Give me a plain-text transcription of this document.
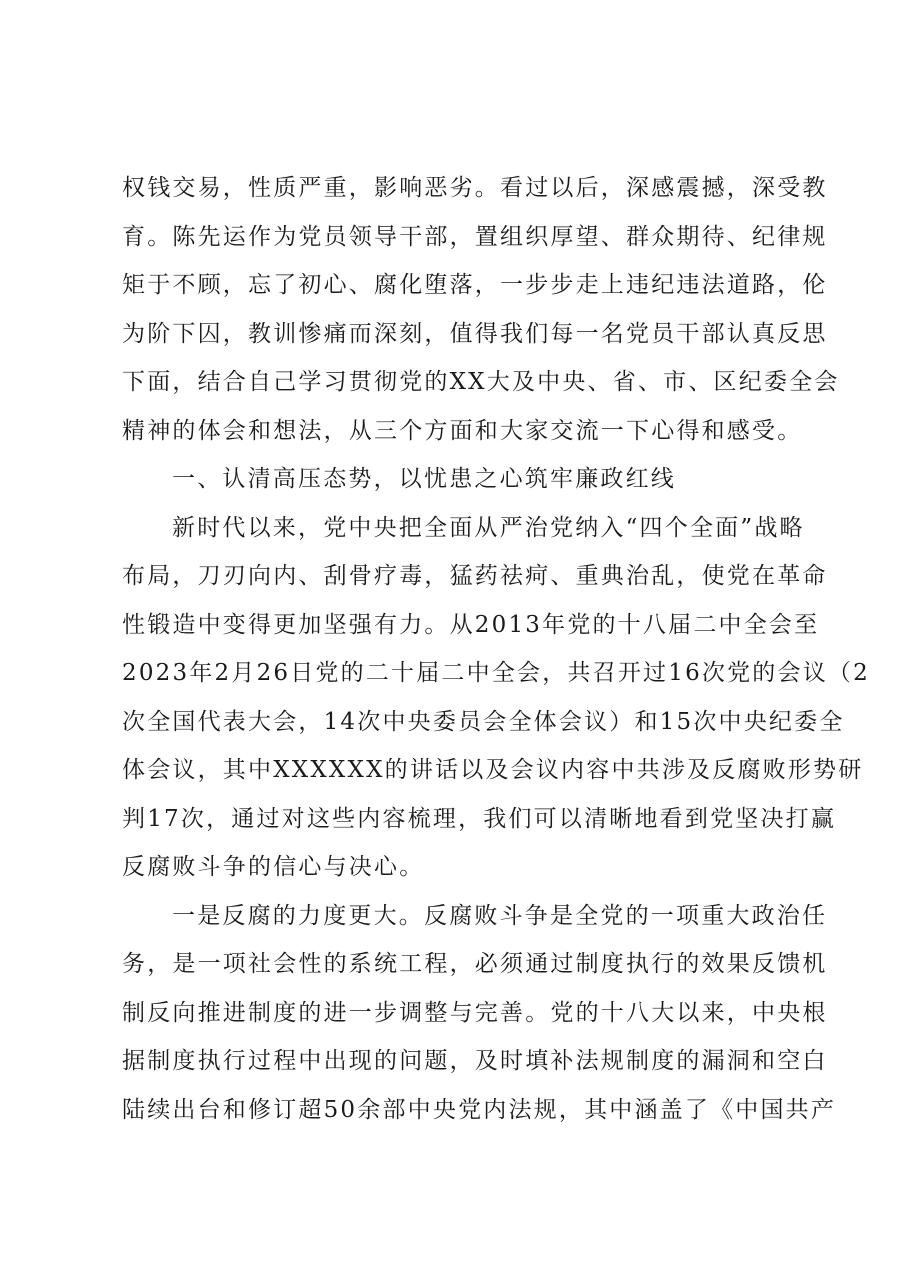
权钱交易，性质严重，影响恶劣。看过以后，深感震撼，深受教
育。陈先运作为党员领导干部，置组织厚望、群众期待、纪律规
矩于不顾，忘了初心、腐化堕落，一步步走上违纪违法道路，伦
为阶下囚，教训惨痛而深刻，值得我们每一名党员干部认真反思
下面，结合自己学习贯彻党的XX大及中央、省、市、区纪委全会
精神的体会和想法，从三个方面和大家交流一下心得和感受。
一、认清高压态势，以忧患之心筑牢廉政红线
新时代以来，党中央把全面从严治党纳入“四个全面”战略
布局，刀刃向内、刮骨疗毒，猛药祛疴、重典治乱，使党在革命
性锻造中变得更加坚强有力。从2013年党的十八届二中全会至
2023年2月26日党的二十届二中全会，共召开过16次党的会议（2
次全国代表大会，14次中央委员会全体会议）和15次中央纪委全
体会议，其中XXXXXX的讲话以及会议内容中共涉及反腐败形势研
判17次，通过对这些内容梳理，我们可以清晰地看到党坚决打赢
反腐败斗争的信心与决心。
一是反腐的力度更大。反腐败斗争是全党的一项重大政治任
务，是一项社会性的系统工程，必须通过制度执行的效果反馈机
制反向推进制度的进一步调整与完善。党的十八大以来，中央根
据制度执行过程中出现的问题，及时填补法规制度的漏洞和空白
陆续出台和修订超50余部中央党内法规，其中涵盖了《中国共产
